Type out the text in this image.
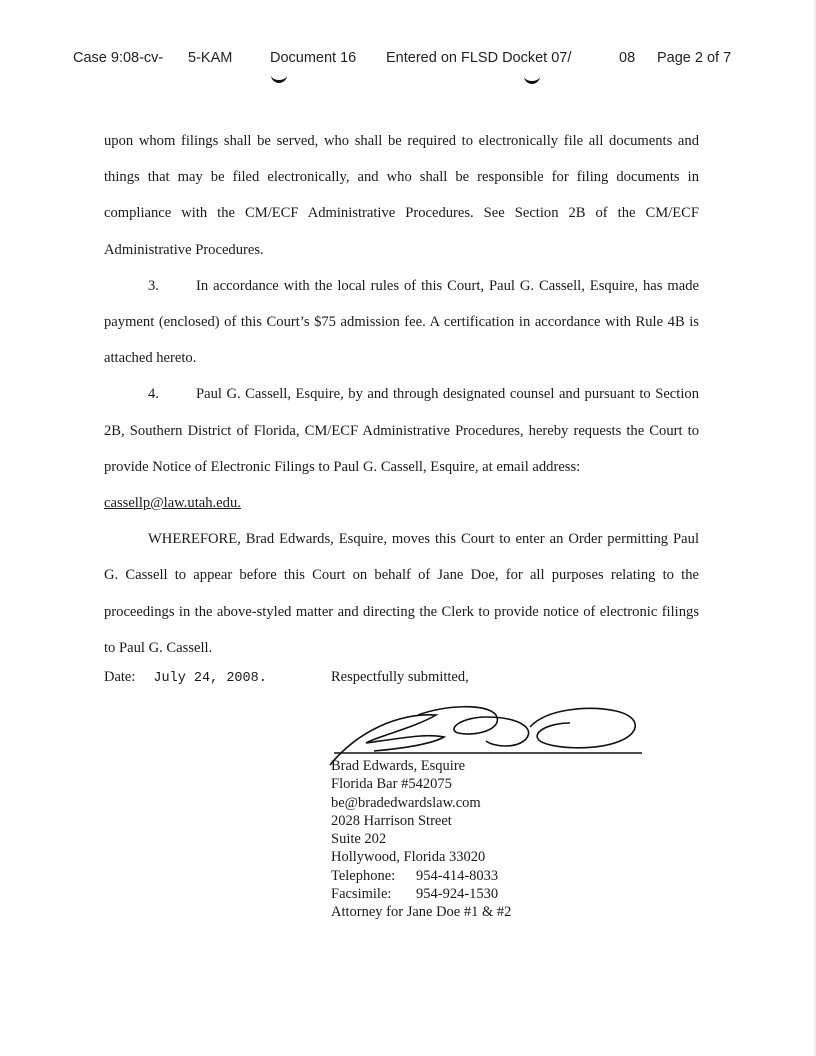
Case 9:08-cv- 5-KAM	Document 16 Entered on FLSD Docket 07/	08 Page 2 of 7

upon whom filings shall be served, who shall be required to electronically file all documents and things that may be filed electronically, and who shall be responsible for filing documents in compliance with the CM/ECF Administrative Procedures. See Section 2B of the CM/ECF Administrative Procedures.

3.	In accordance with the local rules of this Court, Paul G. Cassell, Esquire, has made payment (enclosed) of this Court’s $75 admission fee. A certification in accordance with Rule 4B is attached hereto.

4.	Paul G. Cassell, Esquire, by and through designated counsel and pursuant to Section 2B, Southern District of Florida, CM/ECF Administrative Procedures, hereby requests the Court to provide Notice of Electronic Filings to Paul G. Cassell, Esquire, at email address:
cassellp@law.utah.edu.

WHEREFORE, Brad Edwards, Esquire, moves this Court to enter an Order permitting Paul G. Cassell to appear before this Court on behalf of Jane Doe, for all purposes relating to the proceedings in the above-styled matter and directing the Clerk to provide notice of electronic filings to Paul G. Cassell.

Date: July 24, 2008.	Respectfully submitted,
Brad Edwards, Esquire
Florida Bar #542075
be@bradedwardslaw.com
2028 Harrison Street
Suite 202
Hollywood, Florida 33020
Telephone: 954-414-8033
Facsimile: 954-924-1530
Attorney for Jane Doe #1 & #2
